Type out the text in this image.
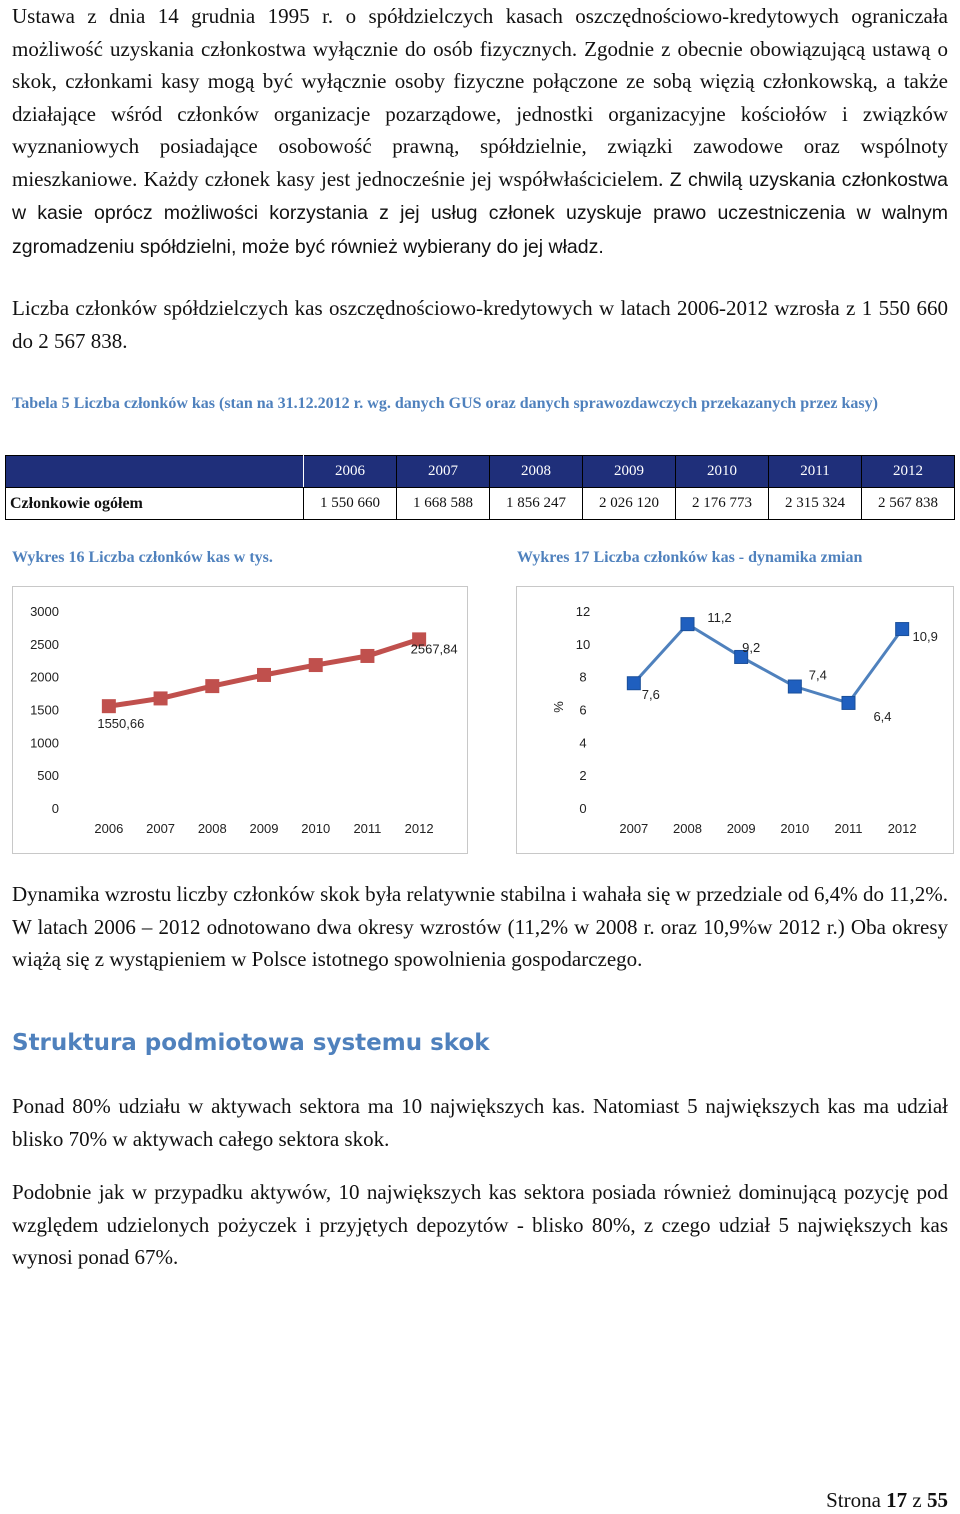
Ustawa z dnia 14 grudnia 1995 r. o spółdzielczych kasach oszczędnościowo-kredytowych ograniczała możliwość uzyskania członkostwa wyłącznie do osób fizycznych. Zgodnie z obecnie obowiązującą ustawą o skok, członkami kasy mogą być wyłącznie osoby fizyczne połączone ze sobą więzią członkowską, a także działające wśród członków organizacje pozarządowe, jednostki organizacyjne kościołów i związków wyznaniowych posiadające osobowość prawną, spółdzielnie, związki zawodowe oraz wspólnoty mieszkaniowe. Każdy członek kasy jest jednocześnie jej współwłaścicielem. Z chwilą uzyskania członkostwa w kasie oprócz możliwości korzystania z jej usług członek uzyskuje prawo uczestniczenia w walnym zgromadzeniu spółdzielni, może być również wybierany do jej władz.

Liczba członków spółdzielczych kas oszczędnościowo-kredytowych w latach 2006-2012 wzrosła z 1 550 660 do 2 567 838.

Tabela 5 Liczba członków kas (stan na 31.12.2012 r. wg. danych GUS oraz danych sprawozdawczych przekazanych przez kasy)

	2006	2007	2008	2009	2010	2011	2012
Członkowie ogółem	1 550 660	1 668 588	1 856 247	2 026 120	2 176 773	2 315 324	2 567 838

Wykres 16 Liczba członków kas w tys.	Wykres 17 Liczba członków kas - dynamika zmian

0
500
1000
1500
2000
2500
3000
2006 2007 2008 2009 2010 2011 2012
1550,66
2567,84
0
2
4
6
8
10
12
2007 2008 2009 2010 2011 2012
%
7,6
11,2
9,2
7,4
6,4
10,9

Dynamika wzrostu liczby członków skok była relatywnie stabilna i wahała się w przedziale od 6,4% do 11,2%. W latach 2006 – 2012 odnotowano dwa okresy wzrostów (11,2% w 2008 r. oraz 10,9%w 2012 r.) Oba okresy wiążą się z wystąpieniem w Polsce istotnego spowolnienia gospodarczego.

Struktura podmiotowa systemu skok

Ponad 80% udziału w aktywach sektora ma 10 największych kas. Natomiast 5 największych kas ma udział blisko 70% w aktywach całego sektora skok.

Podobnie jak w przypadku aktywów, 10 największych kas sektora posiada również dominującą pozycję pod względem udzielonych pożyczek i przyjętych depozytów - blisko 80%, z czego udział 5 największych kas wynosi ponad 67%.

Strona 17 z 55
